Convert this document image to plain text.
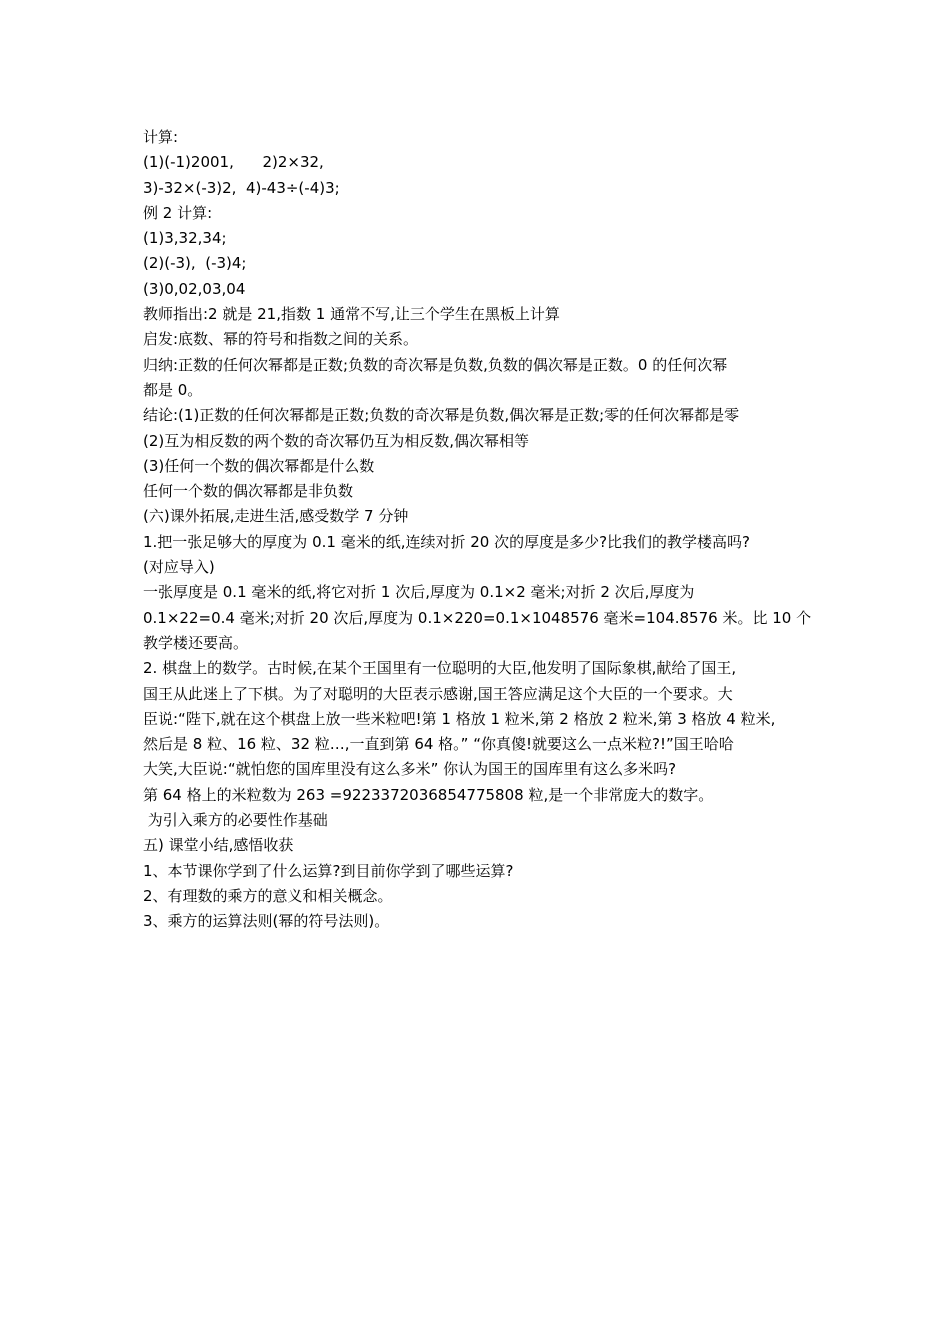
计算:
(1)(-1)2001,      2)2×32,
3)-32×(-3)2,  4)-43÷(-4)3;
例 2 计算:
(1)3,32,34;
(2)(-3),  (-3)4;
(3)0,02,03,04
教师指出:2 就是 21,指数 1 通常不写,让三个学生在黑板上计算
启发:底数、幂的符号和指数之间的关系。
归纳:正数的任何次幂都是正数;负数的奇次幂是负数,负数的偶次幂是正数。0 的任何次幂
都是 0。
结论:(1)正数的任何次幂都是正数;负数的奇次幂是负数,偶次幂是正数;零的任何次幂都是零
(2)互为相反数的两个数的奇次幂仍互为相反数,偶次幂相等
(3)任何一个数的偶次幂都是什么数
任何一个数的偶次幂都是非负数
(六)课外拓展,走进生活,感受数学 7 分钟
1.把一张足够大的厚度为 0.1 毫米的纸,连续对折 20 次的厚度是多少?比我们的教学楼高吗?
(对应导入)
一张厚度是 0.1 毫米的纸,将它对折 1 次后,厚度为 0.1×2 毫米;对折 2 次后,厚度为
0.1×22=0.4 毫米;对折 20 次后,厚度为 0.1×220=0.1×1048576 毫米=104.8576 米。比 10 个
教学楼还要高。
2. 棋盘上的数学。古时候,在某个王国里有一位聪明的大臣,他发明了国际象棋,献给了国王,
国王从此迷上了下棋。为了对聪明的大臣表示感谢,国王答应满足这个大臣的一个要求。大
臣说:“陛下,就在这个棋盘上放一些米粒吧!第 1 格放 1 粒米,第 2 格放 2 粒米,第 3 格放 4 粒米,
然后是 8 粒、16 粒、32 粒…,一直到第 64 格。” “你真傻!就要这么一点米粒?!”国王哈哈
大笑,大臣说:“就怕您的国库里没有这么多米” 你认为国王的国库里有这么多米吗?
第 64 格上的米粒数为 263 =9223372036854775808 粒,是一个非常庞大的数字。
为引入乘方的必要性作基础
五) 课堂小结,感悟收获
1、本节课你学到了什么运算?到目前你学到了哪些运算?
2、有理数的乘方的意义和相关概念。
3、乘方的运算法则(幂的符号法则)。
